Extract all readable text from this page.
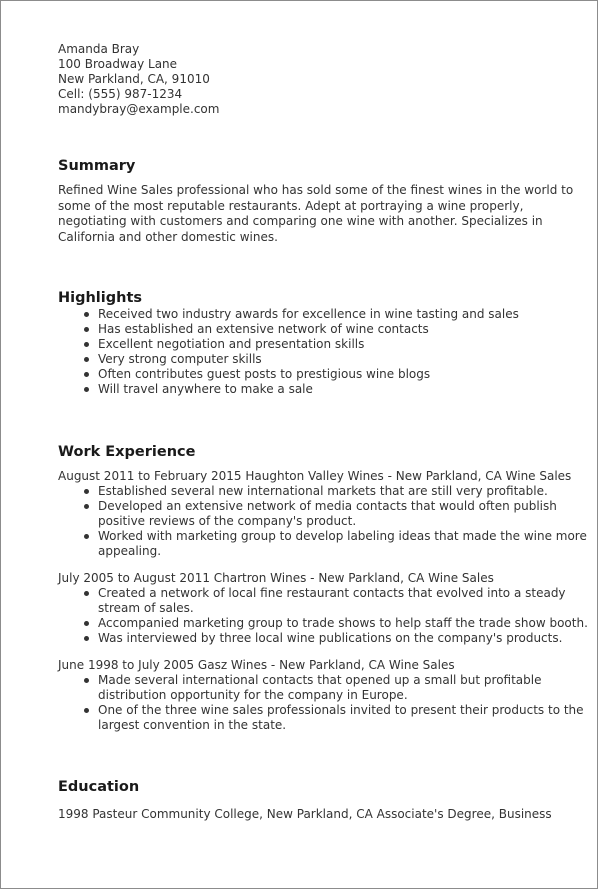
Amanda Bray
100 Broadway Lane
New Parkland, CA, 91010
Cell: (555) 987-1234
mandybray@example.com
Summary
Refined Wine Sales professional who has sold some of the finest wines in the world to some of the most reputable restaurants. Adept at portraying a wine properly, negotiating with customers and comparing one wine with another. Specializes in California and other domestic wines.
Highlights
Received two industry awards for excellence in wine tasting and sales
Has established an extensive network of wine contacts
Excellent negotiation and presentation skills
Very strong computer skills
Often contributes guest posts to prestigious wine blogs
Will travel anywhere to make a sale
Work Experience
August 2011 to February 2015 Haughton Valley Wines - New Parkland, CA Wine Sales
Established several new international markets that are still very profitable.
Developed an extensive network of media contacts that would often publish positive reviews of the company's product.
Worked with marketing group to develop labeling ideas that made the wine more appealing.
July 2005 to August 2011 Chartron Wines - New Parkland, CA Wine Sales
Created a network of local fine restaurant contacts that evolved into a steady stream of sales.
Accompanied marketing group to trade shows to help staff the trade show booth.
Was interviewed by three local wine publications on the company's products.
June 1998 to July 2005 Gasz Wines - New Parkland, CA Wine Sales
Made several international contacts that opened up a small but profitable distribution opportunity for the company in Europe.
One of the three wine sales professionals invited to present their products to the largest convention in the state.
Education
1998 Pasteur Community College, New Parkland, CA Associate's Degree, Business
